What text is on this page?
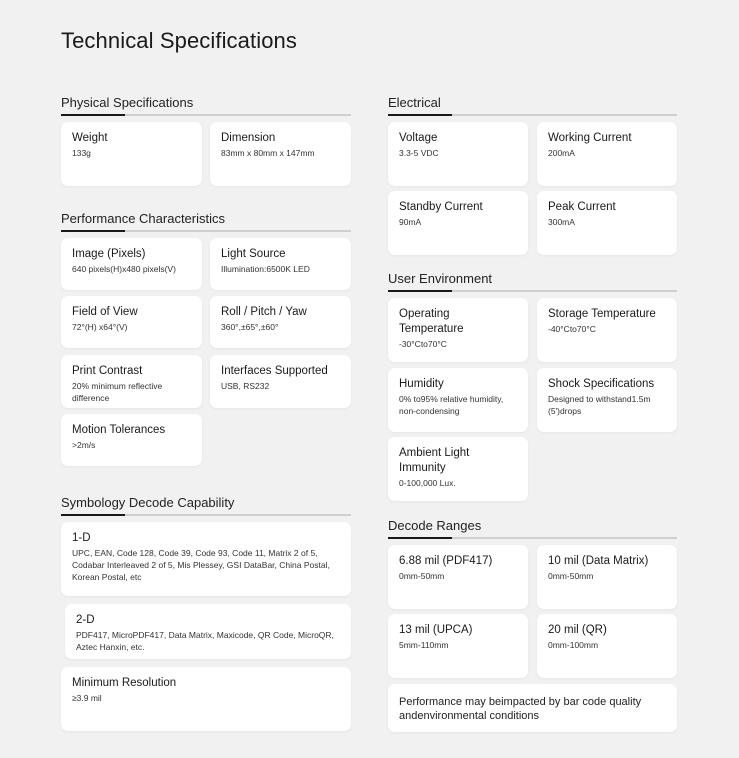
Technical Specifications
Physical Specifications
Weight
133g
Dimension
83mm x 80mm x 147mm
Performance Characteristics
Image (Pixels)
640 pixels(H)x480 pixels(V)
Light Source
Illumination:6500K LED
Field of View
72°(H) x64°(V)
Roll / Pitch / Yaw
360°,±65°,±60°
Print Contrast
20% minimum reflective difference
Interfaces Supported
USB, RS232
Motion Tolerances
>2m/s
Symbology Decode Capability
1-D
UPC, EAN, Code 128, Code 39, Code 93, Code 11, Matrix 2 of 5, Codabar Interleaved 2 of 5, Mis Plessey, GSI DataBar, China Postal, Korean Postal, etc
2-D
PDF417, MicroPDF417, Data Matrix, Maxicode, QR Code, MicroQR, Aztec Hanxin, etc.
Minimum Resolution
≥3.9 mil
Electrical
Voltage
3.3-5 VDC
Working Current
200mA
Standby Current
90mA
Peak Current
300mA
User Environment
Operating Temperature
-30°Cto70°C
Storage Temperature
-40°Cto70°C
Humidity
0% to95% relative humidity, non-condensing
Shock Specifications
Designed to withstand1.5m (5')drops
Ambient Light Immunity
0-100,000 Lux.
Decode Ranges
6.88 mil (PDF417)
0mm-50mm
10 mil (Data Matrix)
0mm-50mm
13 mil (UPCA)
5mm-110mm
20 mil (QR)
0mm-100mm
Performance may beimpacted by bar code quality andenvironmental conditions
